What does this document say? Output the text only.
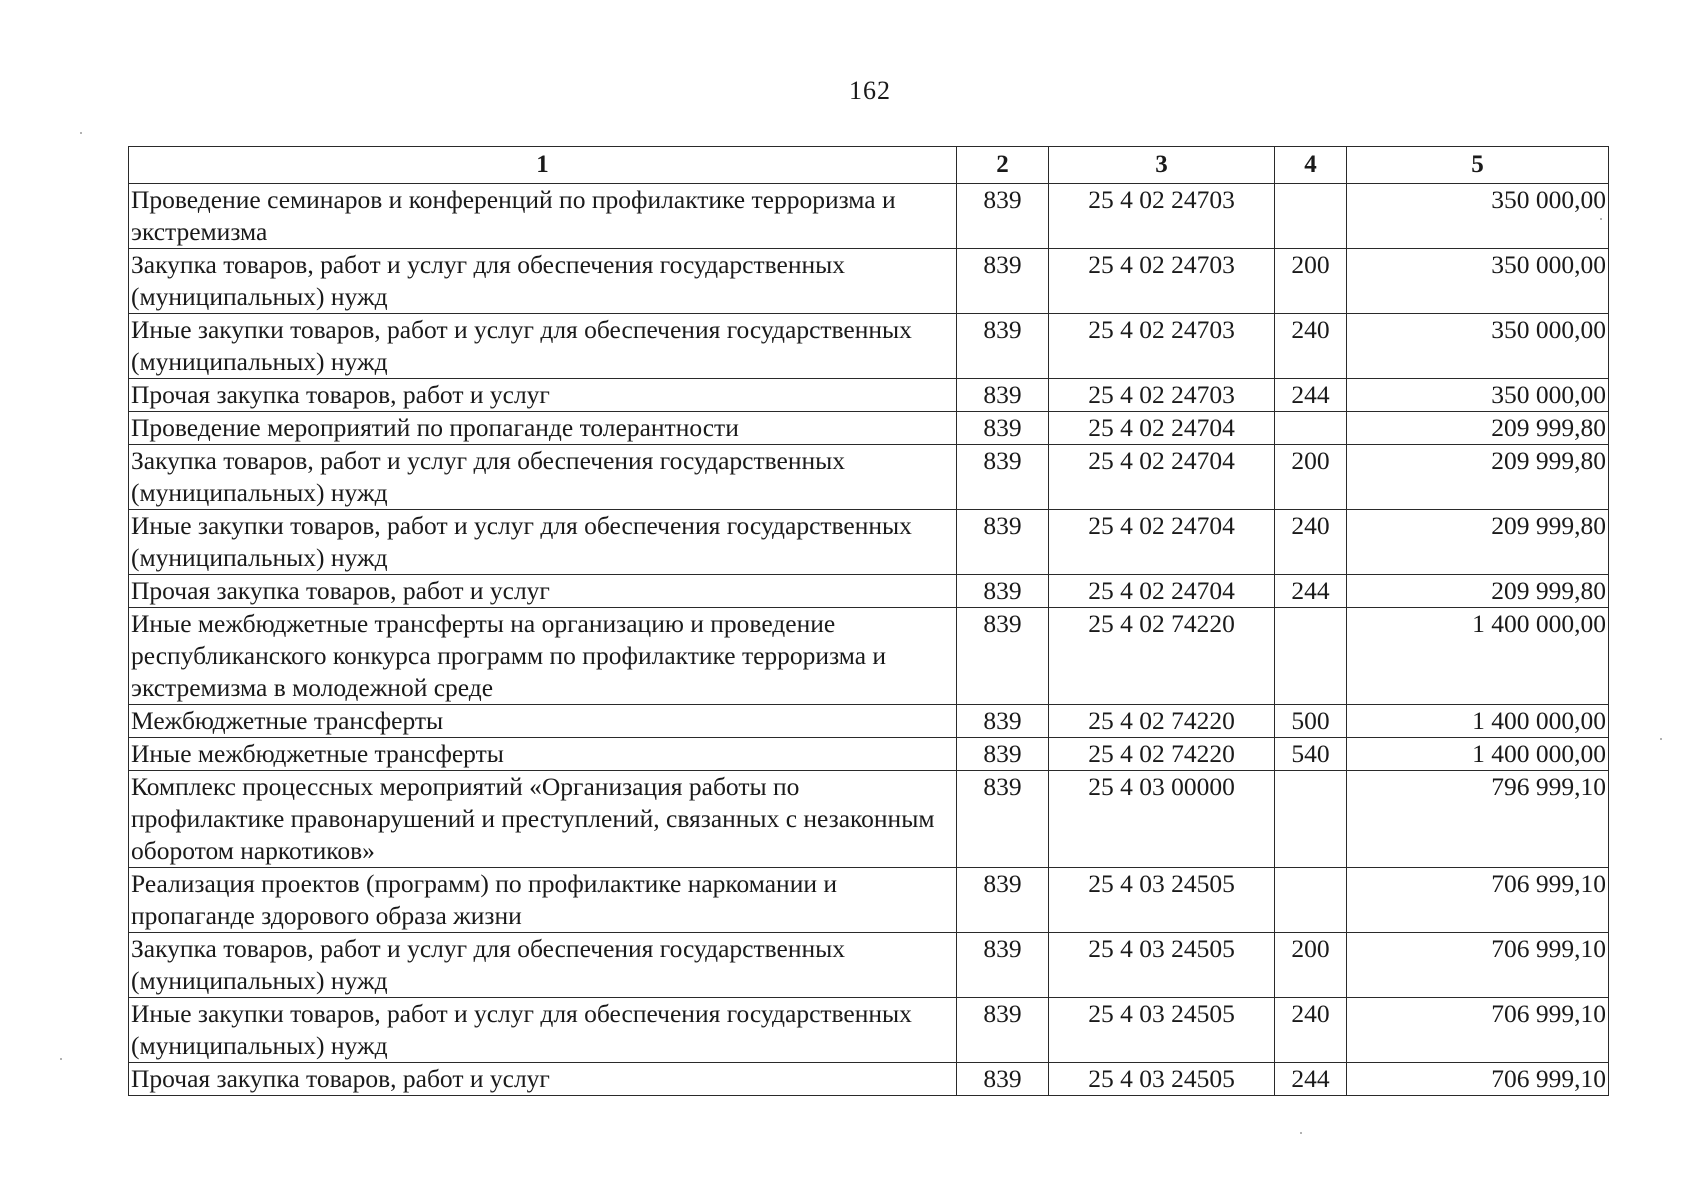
162
1	2	3	4	5
Проведение семинаров и конференций по профилактике терроризма и экстремизма	839	25 4 02 24703		350 000,00
Закупка товаров, работ и услуг для обеспечения государственных (муниципальных) нужд	839	25 4 02 24703	200	350 000,00
Иные закупки товаров, работ и услуг для обеспечения государственных (муниципальных) нужд	839	25 4 02 24703	240	350 000,00
Прочая закупка товаров, работ и услуг	839	25 4 02 24703	244	350 000,00
Проведение мероприятий по пропаганде толерантности	839	25 4 02 24704		209 999,80
Закупка товаров, работ и услуг для обеспечения государственных (муниципальных) нужд	839	25 4 02 24704	200	209 999,80
Иные закупки товаров, работ и услуг для обеспечения государственных (муниципальных) нужд	839	25 4 02 24704	240	209 999,80
Прочая закупка товаров, работ и услуг	839	25 4 02 24704	244	209 999,80
Иные межбюджетные трансферты на организацию и проведение республиканского конкурса программ по профилактике терроризма и экстремизма в молодежной среде	839	25 4 02 74220		1 400 000,00
Межбюджетные трансферты	839	25 4 02 74220	500	1 400 000,00
Иные межбюджетные трансферты	839	25 4 02 74220	540	1 400 000,00
Комплекс процессных мероприятий «Организация работы по профилактике правонарушений и преступлений, связанных с незаконным оборотом наркотиков»	839	25 4 03 00000		796 999,10
Реализация проектов (программ) по профилактике наркомании и пропаганде здорового образа жизни	839	25 4 03 24505		706 999,10
Закупка товаров, работ и услуг для обеспечения государственных (муниципальных) нужд	839	25 4 03 24505	200	706 999,10
Иные закупки товаров, работ и услуг для обеспечения государственных (муниципальных) нужд	839	25 4 03 24505	240	706 999,10
Прочая закупка товаров, работ и услуг	839	25 4 03 24505	244	706 999,10
